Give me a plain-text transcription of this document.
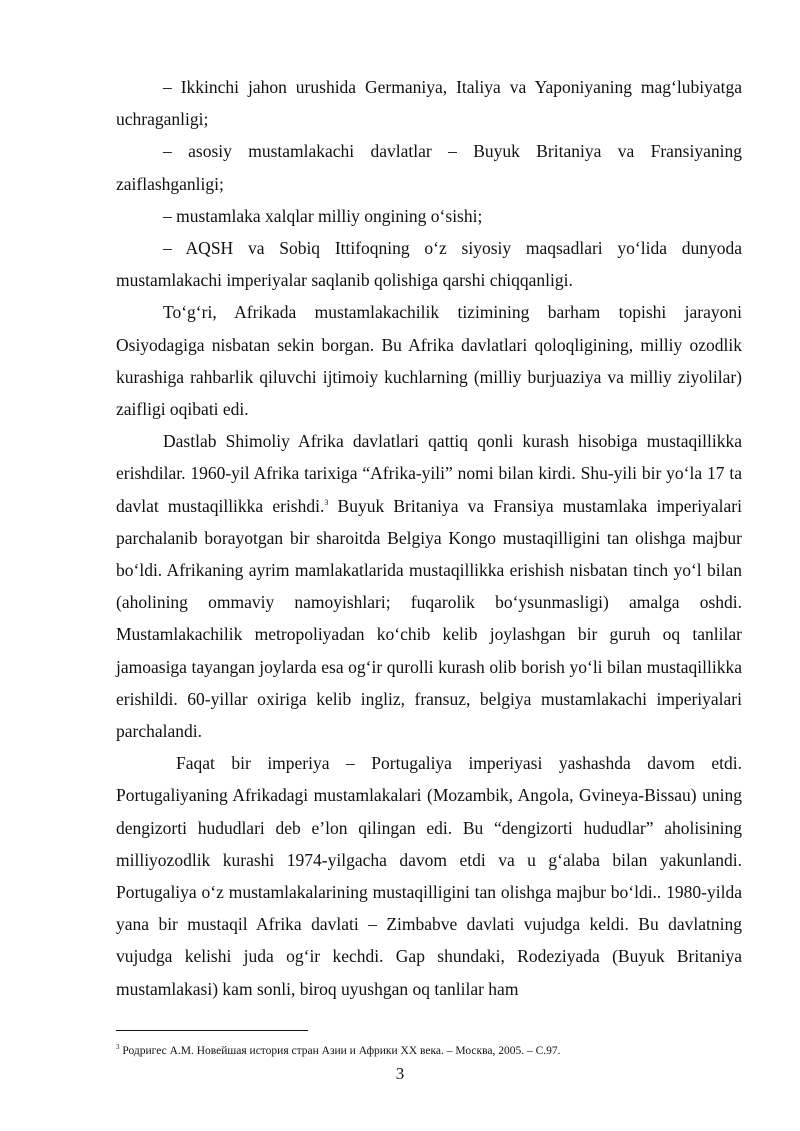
– Ikkinchi jahon urushida Germaniya, Italiya va Yaponiyaning mag‘lubiyatga uchraganligi;

– asosiy mustamlakachi davlatlar – Buyuk Britaniya va Fransiyaning zaiflashganligi;

– mustamlaka xalqlar milliy ongining o‘sishi;

– AQSH va Sobiq Ittifoqning o‘z siyosiy maqsadlari yo‘lida dunyoda mustamlakachi imperiyalar saqlanib qolishiga qarshi chiqqanligi.

To‘g‘ri, Afrikada mustamlakachilik tizimining barham topishi jarayoni Osiyodagiga nisbatan sekin borgan. Bu Afrika davlatlari qoloqligining, milliy ozodlik kurashiga rahbarlik qiluvchi ijtimoiy kuchlarning (milliy burjuaziya va milliy ziyolilar) zaifligi oqibati edi.

Dastlab Shimoliy Afrika davlatlari qattiq qonli kurash hisobiga mustaqillikka erishdilar. 1960-yil Afrika tarixiga “Afrika-yili” nomi bilan kirdi. Shu-yili bir yo‘la 17 ta davlat mustaqillikka erishdi.$^3$ Buyuk Britaniya va Fransiya mustamlaka imperiyalari parchalanib borayotgan bir sharoitda Belgiya Kongo mustaqilligini tan olishga majbur bo‘ldi. Afrikaning ayrim mamlakatlarida mustaqillikka erishish nisbatan tinch yo‘l bilan (aholining ommaviy namoyishlari; fuqarolik bo‘ysunmasligi) amalga oshdi. Mustamlakachilik metropoliyadan ko‘chib kelib joylashgan bir guruh oq tanlilar jamoasiga tayangan joylarda esa og‘ir qurolli kurash olib borish yo‘li bilan mustaqillikka erishildi. 60-yillar oxiriga kelib ingliz, fransuz, belgiya mustamlakachi imperiyalari parchalandi.

Faqat bir imperiya – Portugaliya imperiyasi yashashda davom etdi. Portugaliyaning Afrikadagi mustamlakalari (Mozambik, Angola, Gvineya-Bissau) uning dengizorti hududlari deb e’lon qilingan edi. Bu “dengizorti hududlar” aholisining milliyozodlik kurashi 1974-yilgacha davom etdi va u g‘alaba bilan yakunlandi. Portugaliya o‘z mustamlakalarining mustaqilligini tan olishga majbur bo‘ldi.. 1980-yilda yana bir mustaqil Afrika davlati – Zimbabve davlati vujudga keldi. Bu davlatning vujudga kelishi juda og‘ir kechdi. Gap shundaki, Rodeziyada (Buyuk Britaniya mustamlakasi) kam sonli, biroq uyushgan oq tanlilar ham

$^3$ Родригес А.М. Новейшая история стран Азии и Африки XX века. – Москва, 2005. – С.97.

3
